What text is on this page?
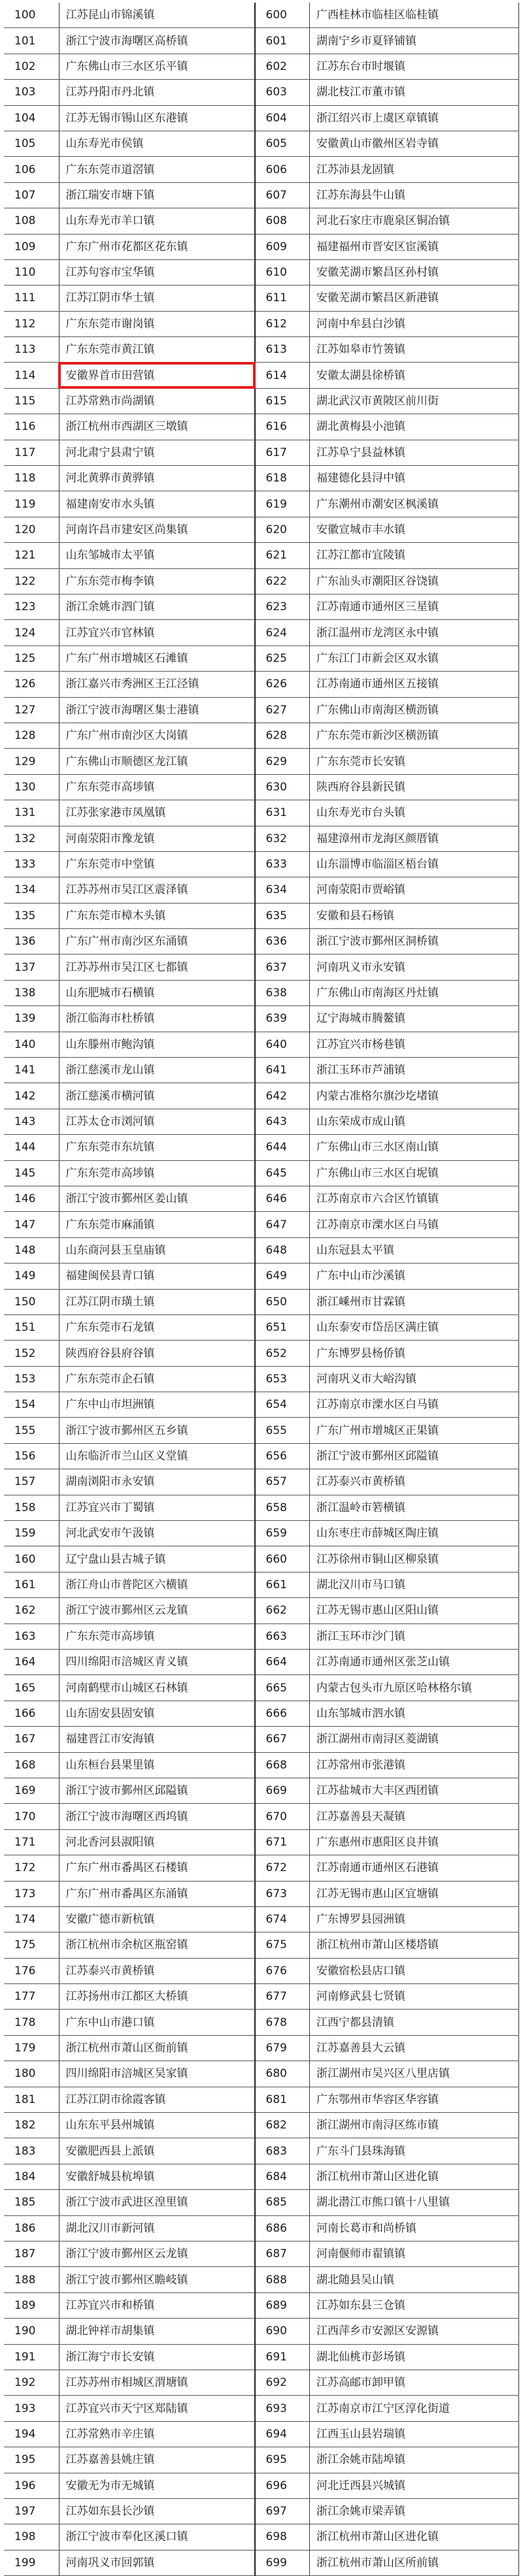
100	江苏昆山市锦溪镇	600	广西桂林市临桂区临桂镇
101	浙江宁波市海曙区高桥镇	601	湖南宁乡市夏铎铺镇
102	广东佛山市三水区乐平镇	602	江苏东台市时堰镇
103	江苏丹阳市丹北镇	603	湖北枝江市董市镇
104	江苏无锡市锡山区东港镇	604	浙江绍兴市上虞区章镇镇
105	山东寿光市侯镇	605	安徽黄山市徽州区岩寺镇
106	广东东莞市道滘镇	606	江苏沛县龙固镇
107	浙江瑞安市塘下镇	607	江苏东海县牛山镇
108	山东寿光市羊口镇	608	河北石家庄市鹿泉区铜冶镇
109	广东广州市花都区花东镇	609	福建福州市晋安区宦溪镇
110	江苏句容市宝华镇	610	安徽芜湖市繁昌区孙村镇
111	江苏江阴市华士镇	611	安徽芜湖市繁昌区新港镇
112	广东东莞市谢岗镇	612	河南中牟县白沙镇
113	广东东莞市黄江镇	613	江苏如皋市竹箦镇
114	安徽界首市田营镇	614	安徽太湖县徐桥镇
115	江苏常熟市尚湖镇	615	湖北武汉市黄陂区前川街
116	浙江杭州市西湖区三墩镇	616	湖北黄梅县小池镇
117	河北肃宁县肃宁镇	617	江苏阜宁县益林镇
118	河北黄骅市黄骅镇	618	福建德化县浔中镇
119	福建南安市水头镇	619	广东潮州市潮安区枫溪镇
120	河南许昌市建安区尚集镇	620	安徽宣城市丰水镇
121	山东邹城市太平镇	621	江苏江都市宜陵镇
122	广东东莞市梅李镇	622	广东汕头市潮阳区谷饶镇
123	浙江余姚市泗门镇	623	江苏南通市通州区三星镇
124	江苏宜兴市官林镇	624	浙江温州市龙湾区永中镇
125	广东广州市增城区石滩镇	625	广东江门市新会区双水镇
126	浙江嘉兴市秀洲区王江泾镇	626	江苏南通市通州区五接镇
127	浙江宁波市海曙区集士港镇	627	广东佛山市南海区横沥镇
128	广东广州市南沙区大岗镇	628	广东东莞市新沙区横沥镇
129	广东佛山市顺德区龙江镇	629	广东东莞市长安镇
130	广东东莞市高埗镇	630	陕西府谷县新民镇
131	江苏张家港市凤凰镇	631	山东寿光市台头镇
132	河南荥阳市豫龙镇	632	福建漳州市龙海区颜厝镇
133	广东东莞市中堂镇	633	山东淄博市临淄区梧台镇
134	江苏苏州市吴江区震泽镇	634	河南荥阳市贾峪镇
135	广东东莞市樟木头镇	635	安徽和县石杨镇
136	广东广州市南沙区东涌镇	636	浙江宁波市鄞州区洞桥镇
137	江苏苏州市吴江区七都镇	637	河南巩义市永安镇
138	山东肥城市石横镇	638	广东佛山市南海区丹灶镇
139	浙江临海市杜桥镇	639	辽宁海城市腾鳌镇
140	山东滕州市鲍沟镇	640	江苏宜兴市杨巷镇
141	浙江慈溪市龙山镇	641	浙江玉环市芦浦镇
142	浙江慈溪市横河镇	642	内蒙古准格尔旗沙圪堵镇
143	江苏太仓市浏河镇	643	山东荣成市成山镇
144	广东东莞市东坑镇	644	广东佛山市三水区南山镇
145	广东东莞市高埗镇	645	广东佛山市三水区白坭镇
146	浙江宁波市鄞州区姜山镇	646	江苏南京市六合区竹镇镇
147	广东东莞市麻涌镇	647	江苏南京市溧水区白马镇
148	山东商河县玉皇庙镇	648	山东冠县太平镇
149	福建闽侯县青口镇	649	广东中山市沙溪镇
150	江苏江阴市璜土镇	650	浙江嵊州市甘霖镇
151	广东东莞市石龙镇	651	山东泰安市岱岳区满庄镇
152	陕西府谷县府谷镇	652	广东博罗县杨侨镇
153	广东东莞市企石镇	653	河南巩义市大峪沟镇
154	广东中山市坦洲镇	654	江苏南京市溧水区白马镇
155	浙江宁波市鄞州区五乡镇	655	广东广州市增城区正果镇
156	山东临沂市兰山区义堂镇	656	浙江宁波市鄞州区邱隘镇
157	湖南浏阳市永安镇	657	江苏泰兴市黄桥镇
158	江苏宜兴市丁蜀镇	658	浙江温岭市箬横镇
159	河北武安市午汲镇	659	山东枣庄市薛城区陶庄镇
160	辽宁盘山县古城子镇	660	江苏徐州市铜山区柳泉镇
161	浙江舟山市普陀区六横镇	661	湖北汉川市马口镇
162	浙江宁波市鄞州区云龙镇	662	江苏无锡市惠山区阳山镇
163	广东东莞市高埗镇	663	浙江玉环市沙门镇
164	四川绵阳市涪城区青义镇	664	江苏南通市通州区张芝山镇
165	河南鹤壁市山城区石林镇	665	内蒙古包头市九原区哈林格尔镇
166	山东固安县固安镇	666	山东邹城市泗水镇
167	福建晋江市安海镇	667	浙江湖州市南浔区菱湖镇
168	山东桓台县果里镇	668	江苏常州市张港镇
169	浙江宁波市鄞州区邱隘镇	669	江苏盐城市大丰区西团镇
170	浙江宁波市海曙区西坞镇	670	江苏嘉善县天凝镇
171	河北香河县淑阳镇	671	广东惠州市惠阳区良井镇
172	广东广州市番禺区石楼镇	672	江苏南通市通州区石港镇
173	广东广州市番禺区东涌镇	673	江苏无锡市惠山区宜塘镇
174	安徽广德市新杭镇	674	广东博罗县园洲镇
175	浙江杭州市余杭区瓶窑镇	675	浙江杭州市萧山区楼塔镇
176	江苏泰兴市黄桥镇	676	安徽宿松县店口镇
177	江苏扬州市江都区大桥镇	677	河南修武县七贤镇
178	广东中山市港口镇	678	江西宁都县清镇
179	浙江杭州市萧山区衙前镇	679	江苏嘉善县大云镇
180	四川绵阳市涪城区吴家镇	680	浙江湖州市吴兴区八里店镇
181	江苏江阴市徐霞客镇	681	广东鄂州市华容区华容镇
182	山东东平县州城镇	682	浙江湖州市南浔区练市镇
183	安徽肥西县上派镇	683	广东斗门县珠海镇
184	安徽舒城县杭埠镇	684	浙江杭州市萧山区进化镇
185	浙江宁波市武进区湟里镇	685	湖北潜江市熊口镇十八里镇
186	湖北汉川市新河镇	686	河南长葛市和尚桥镇
187	浙江宁波市鄞州区云龙镇	687	河南偃师市翟镇镇
188	浙江宁波市鄞州区瞻岐镇	688	湖北随县吴山镇
189	江苏宜兴市和桥镇	689	江苏如东县三仓镇
190	湖北钟祥市胡集镇	690	江西萍乡市安源区安源镇
191	浙江海宁市长安镇	691	湖北仙桃市彭场镇
192	江苏苏州市相城区渭塘镇	692	江苏高邮市卸甲镇
193	江苏宜兴市天宁区郑陆镇	693	江苏南京市江宁区淳化街道
194	江苏常熟市辛庄镇	694	江西玉山县岩瑞镇
195	江苏嘉善县姚庄镇	695	浙江余姚市陆埠镇
196	安徽无为市无城镇	696	河北迁西县兴城镇
197	江苏如东县长沙镇	697	浙江余姚市梁弄镇
198	浙江宁波市奉化区溪口镇	698	浙江杭州市萧山区进化镇
199	河南巩义市回郭镇	699	浙江杭州市萧山区所前镇
